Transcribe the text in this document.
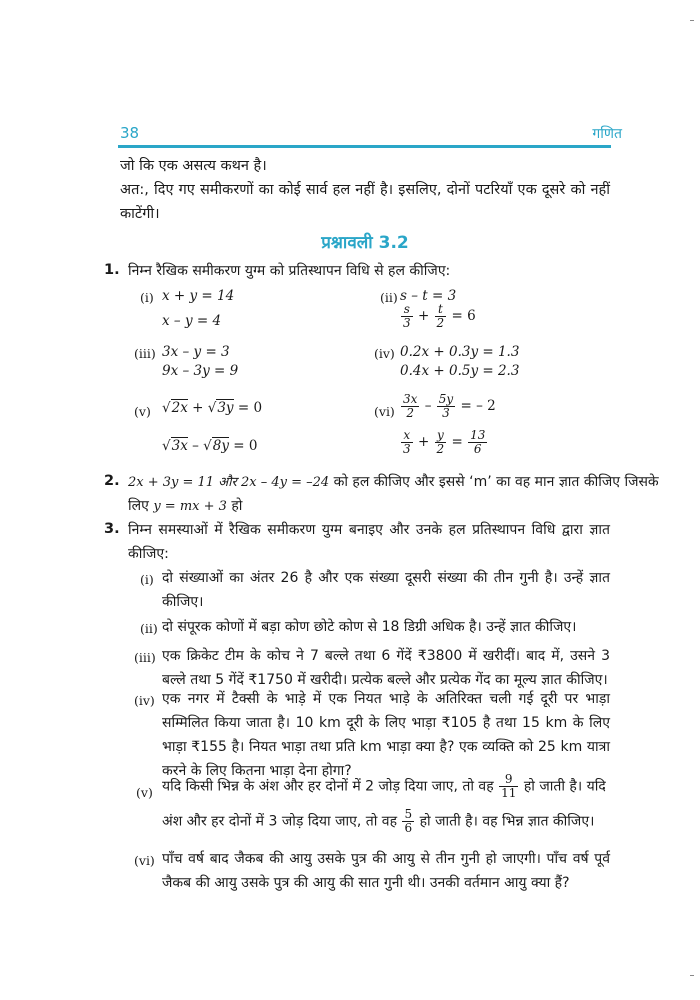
38	गणित
जो कि एक असत्य कथन है।
अत:, दिए गए समीकरणों का कोई सार्व हल नहीं है। इसलिए, दोनों पटरियाँ एक दूसरे को नहीं काटेंगी।
प्रश्नावली 3.2
1. निम्न रैखिक समीकरण युग्म को प्रतिस्थापन विधि से हल कीजिए:
(i) x + y = 14
x – y = 4
(ii) s – t = 3
$\frac{s}{3} + \frac{t}{2} = 6$
(iii) 3x – y = 3
9x – 3y = 9
(iv) 0.2x + 0.3y = 1.3
0.4x + 0.5y = 2.3
(v) √2x + √3y = 0
√3x – √8y = 0
$(vi) \frac{3x}{2} - \frac{5y}{3}$ = – 2
$\frac{x}{3} + \frac{y}{2} = \frac{13}{6}$
2. 2x + 3y = 11 और 2x – 4y = –24 को हल कीजिए और इससे ‘m’ का वह मान ज्ञात कीजिए जिसके
लिए y = mx + 3 हो
3. निम्न समस्याओं में रैखिक समीकरण युग्म बनाइए और उनके हल प्रतिस्थापन विधि द्वारा ज्ञात कीजिए:
(i) दो संख्याओं का अंतर 26 है और एक संख्या दूसरी संख्या की तीन गुनी है। उन्हें ज्ञात कीजिए।
(ii) दो संपूरक कोणों में बड़ा कोण छोटे कोण से 18 डिग्री अधिक है। उन्हें ज्ञात कीजिए।
(iii) एक क्रिकेट टीम के कोच ने 7 बल्ले तथा 6 गेंदें ₹3800 में खरीदीं। बाद में, उसने 3 बल्ले तथा 5 गेंदें ₹1750 में खरीदी। प्रत्येक बल्ले और प्रत्येक गेंद का मूल्य ज्ञात कीजिए।
(iv) एक नगर में टैक्सी के भाड़े में एक नियत भाड़े के अतिरिक्त चली गई दूरी पर भाड़ा सम्मिलित किया जाता है। 10 km दूरी के लिए भाड़ा ₹105 है तथा 15 km के लिए भाड़ा ₹155 है। नियत भाड़ा तथा प्रति km भाड़ा क्या है? एक व्यक्ति को 25 km यात्रा करने के लिए कितना भाड़ा देना होगा?
(v) यदि किसी भिन्न के अंश और हर दोनों में 2 जोड़ दिया जाए, तो वह $\frac{9}{11}$ हो जाती है। यदि
अंश और हर दोनों में 3 जोड़ दिया जाए, तो वह $\frac{5}{6}$ हो जाती है। वह भिन्न ज्ञात कीजिए।
(vi) पाँच वर्ष बाद जैकब की आयु उसके पुत्र की आयु से तीन गुनी हो जाएगी। पाँच वर्ष पूर्व जैकब की आयु उसके पुत्र की आयु की सात गुनी थी। उनकी वर्तमान आयु क्या हैं?
